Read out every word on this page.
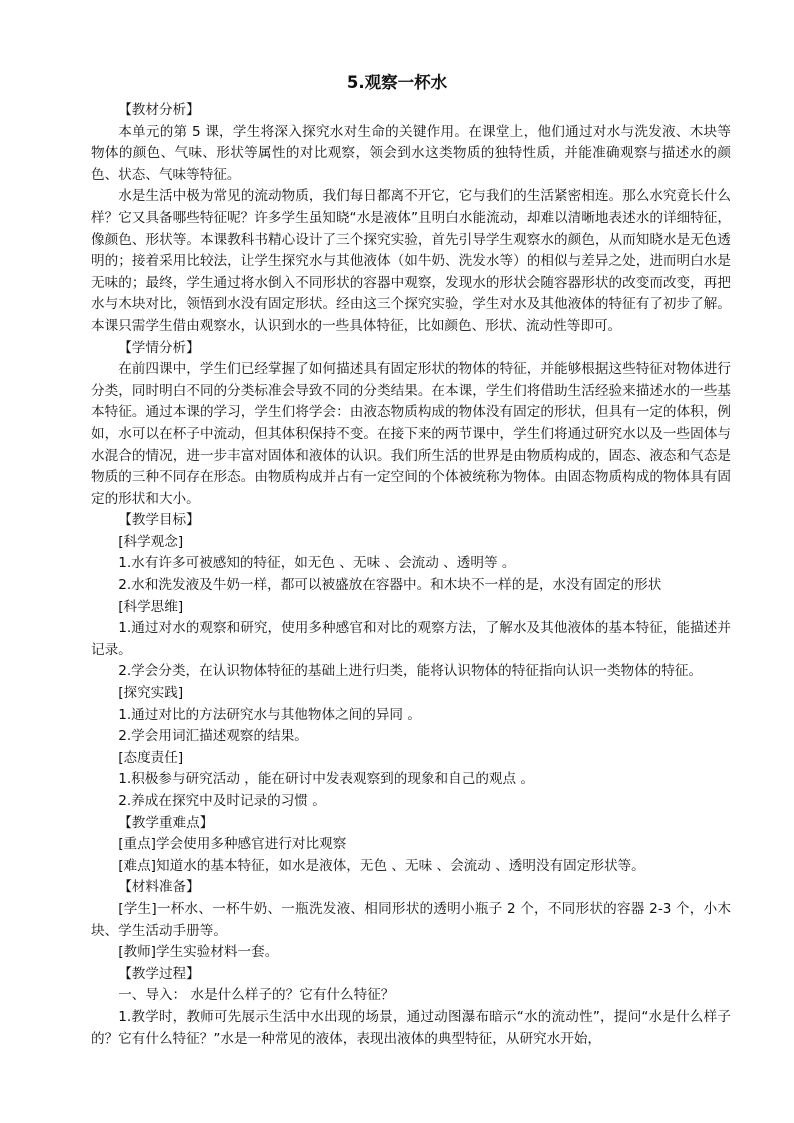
5.观察一杯水

【教材分析】

本单元的第 5 课，学生将深入探究水对生命的关键作用。在课堂上，他们通过对水与洗发液、木块等物体的颜色、气味、形状等属性的对比观察，领会到水这类物质的独特性质，并能准确观察与描述水的颜色、状态、气味等特征。

水是生活中极为常见的流动物质，我们每日都离不开它，它与我们的生活紧密相连。那么水究竟长什么样？它又具备哪些特征呢？许多学生虽知晓“水是液体”且明白水能流动，却难以清晰地表述水的详细特征，像颜色、形状等。本课教科书精心设计了三个探究实验，首先引导学生观察水的颜色，从而知晓水是无色透明的；接着采用比较法，让学生探究水与其他液体（如牛奶、洗发水等）的相似与差异之处，进而明白水是无味的；最终，学生通过将水倒入不同形状的容器中观察，发现水的形状会随容器形状的改变而改变，再把水与木块对比，领悟到水没有固定形状。经由这三个探究实验，学生对水及其他液体的特征有了初步了解。本课只需学生借由观察水，认识到水的一些具体特征，比如颜色、形状、流动性等即可。

【学情分析】

在前四课中，学生们已经掌握了如何描述具有固定形状的物体的特征，并能够根据这些特征对物体进行分类，同时明白不同的分类标准会导致不同的分类结果。在本课，学生们将借助生活经验来描述水的一些基本特征。通过本课的学习，学生们将学会：由液态物质构成的物体没有固定的形状，但具有一定的体积，例如，水可以在杯子中流动，但其体积保持不变。在接下来的两节课中，学生们将通过研究水以及一些固体与水混合的情况，进一步丰富对固体和液体的认识。我们所生活的世界是由物质构成的，固态、液态和气态是物质的三种不同存在形态。由物质构成并占有一定空间的个体被统称为物体。由固态物质构成的物体具有固定的形状和大小。

【教学目标】

[科学观念]

1.水有许多可被感知的特征，如无色 、无味 、会流动 、透明等 。

2.水和洗发液及牛奶一样，都可以被盛放在容器中。和木块不一样的是，水没有固定的形状

[科学思维]

1.通过对水的观察和研究，使用多种感官和对比的观察方法，了解水及其他液体的基本特征，能描述并记录。

2.学会分类，在认识物体特征的基础上进行归类，能将认识物体的特征指向认识一类物体的特征。

[探究实践]

1.通过对比的方法研究水与其他物体之间的异同 。

2.学会用词汇描述观察的结果。

[态度责任]

1.积极参与研究活动 ，能在研讨中发表观察到的现象和自己的观点 。

2.养成在探究中及时记录的习惯 。

【教学重难点】

[重点]学会使用多种感官进行对比观察

[难点]知道水的基本特征，如水是液体，无色 、无味 、会流动 、透明没有固定形状等。

【材料准备】

[学生]一杯水、一杯牛奶、一瓶洗发液、相同形状的透明小瓶子 2 个，不同形状的容器 2-3 个，小木块、学生活动手册等。

[教师]学生实验材料一套。

【教学过程】

一、导入： 水是什么样子的？它有什么特征？

1.教学时，教师可先展示生活中水出现的场景，通过动图瀑布暗示“水的流动性”，提问“水是什么样子的？它有什么特征？”水是一种常见的液体，表现出液体的典型特征，从研究水开始，
